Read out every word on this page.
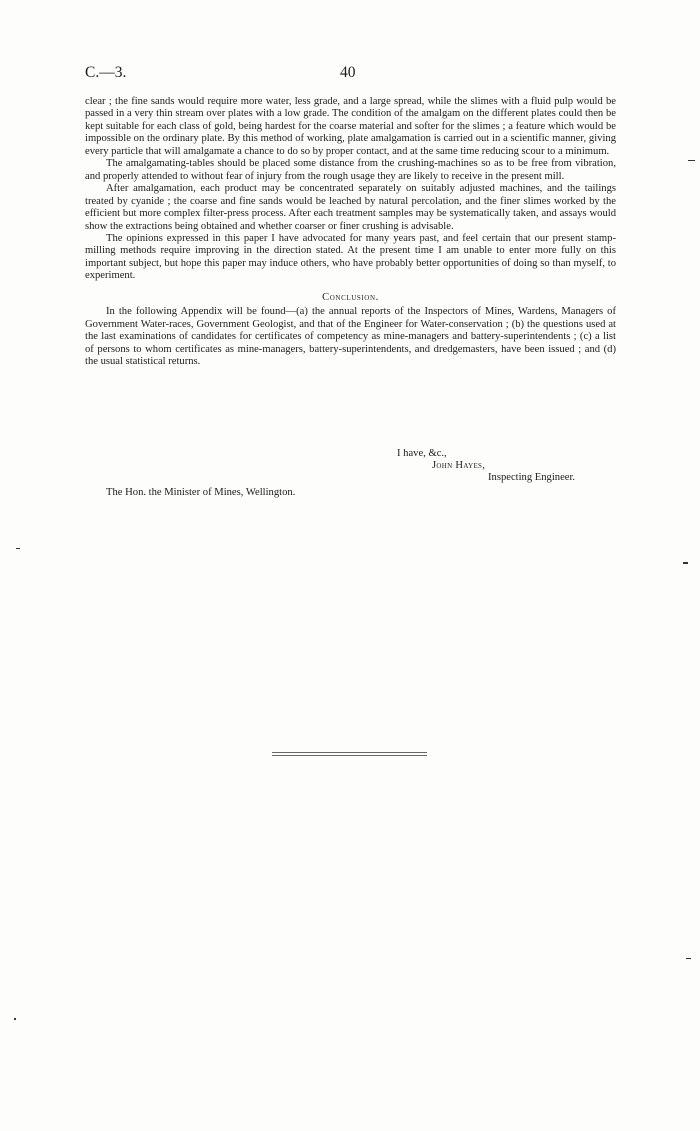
C.—3.	40

clear ; the fine sands would require more water, less grade, and a large spread, while the slimes with a fluid pulp would be passed in a very thin stream over plates with a low grade. The condition of the amalgam on the different plates could then be kept suitable for each class of gold, being hardest for the coarse material and softer for the slimes ; a feature which would be impossible on the ordinary plate. By this method of working, plate amalgamation is carried out in a scientific manner, giving every particle that will amalgamate a chance to do so by proper contact, and at the same time reducing scour to a minimum.

The amalgamating-tables should be placed some distance from the crushing-machines so as to be free from vibration, and properly attended to without fear of injury from the rough usage they are likely to receive in the present mill.

After amalgamation, each product may be concentrated separately on suitably adjusted machines, and the tailings treated by cyanide ; the coarse and fine sands would be leached by natural percolation, and the finer slimes worked by the efficient but more complex filter-press process. After each treatment samples may be systematically taken, and assays would show the extractions being obtained and whether coarser or finer crushing is advisable.

The opinions expressed in this paper I have advocated for many years past, and feel certain that our present stamp-milling methods require improving in the direction stated. At the present time I am unable to enter more fully on this important subject, but hope this paper may induce others, who have probably better opportunities of doing so than myself, to experiment.

Conclusion.

In the following Appendix will be found—(a) the annual reports of the Inspectors of Mines, Wardens, Managers of Government Water-races, Government Geologist, and that of the Engineer for Water-conservation ; (b) the questions used at the last examinations of candidates for certificates of competency as mine-managers and battery-superintendents ; (c) a list of persons to whom certificates as mine-managers, battery-superintendents, and dredgemasters, have been issued ; and (d) the usual statistical returns.

I have, &c.,
John Hayes,
Inspecting Engineer.
The Hon. the Minister of Mines, Wellington.
